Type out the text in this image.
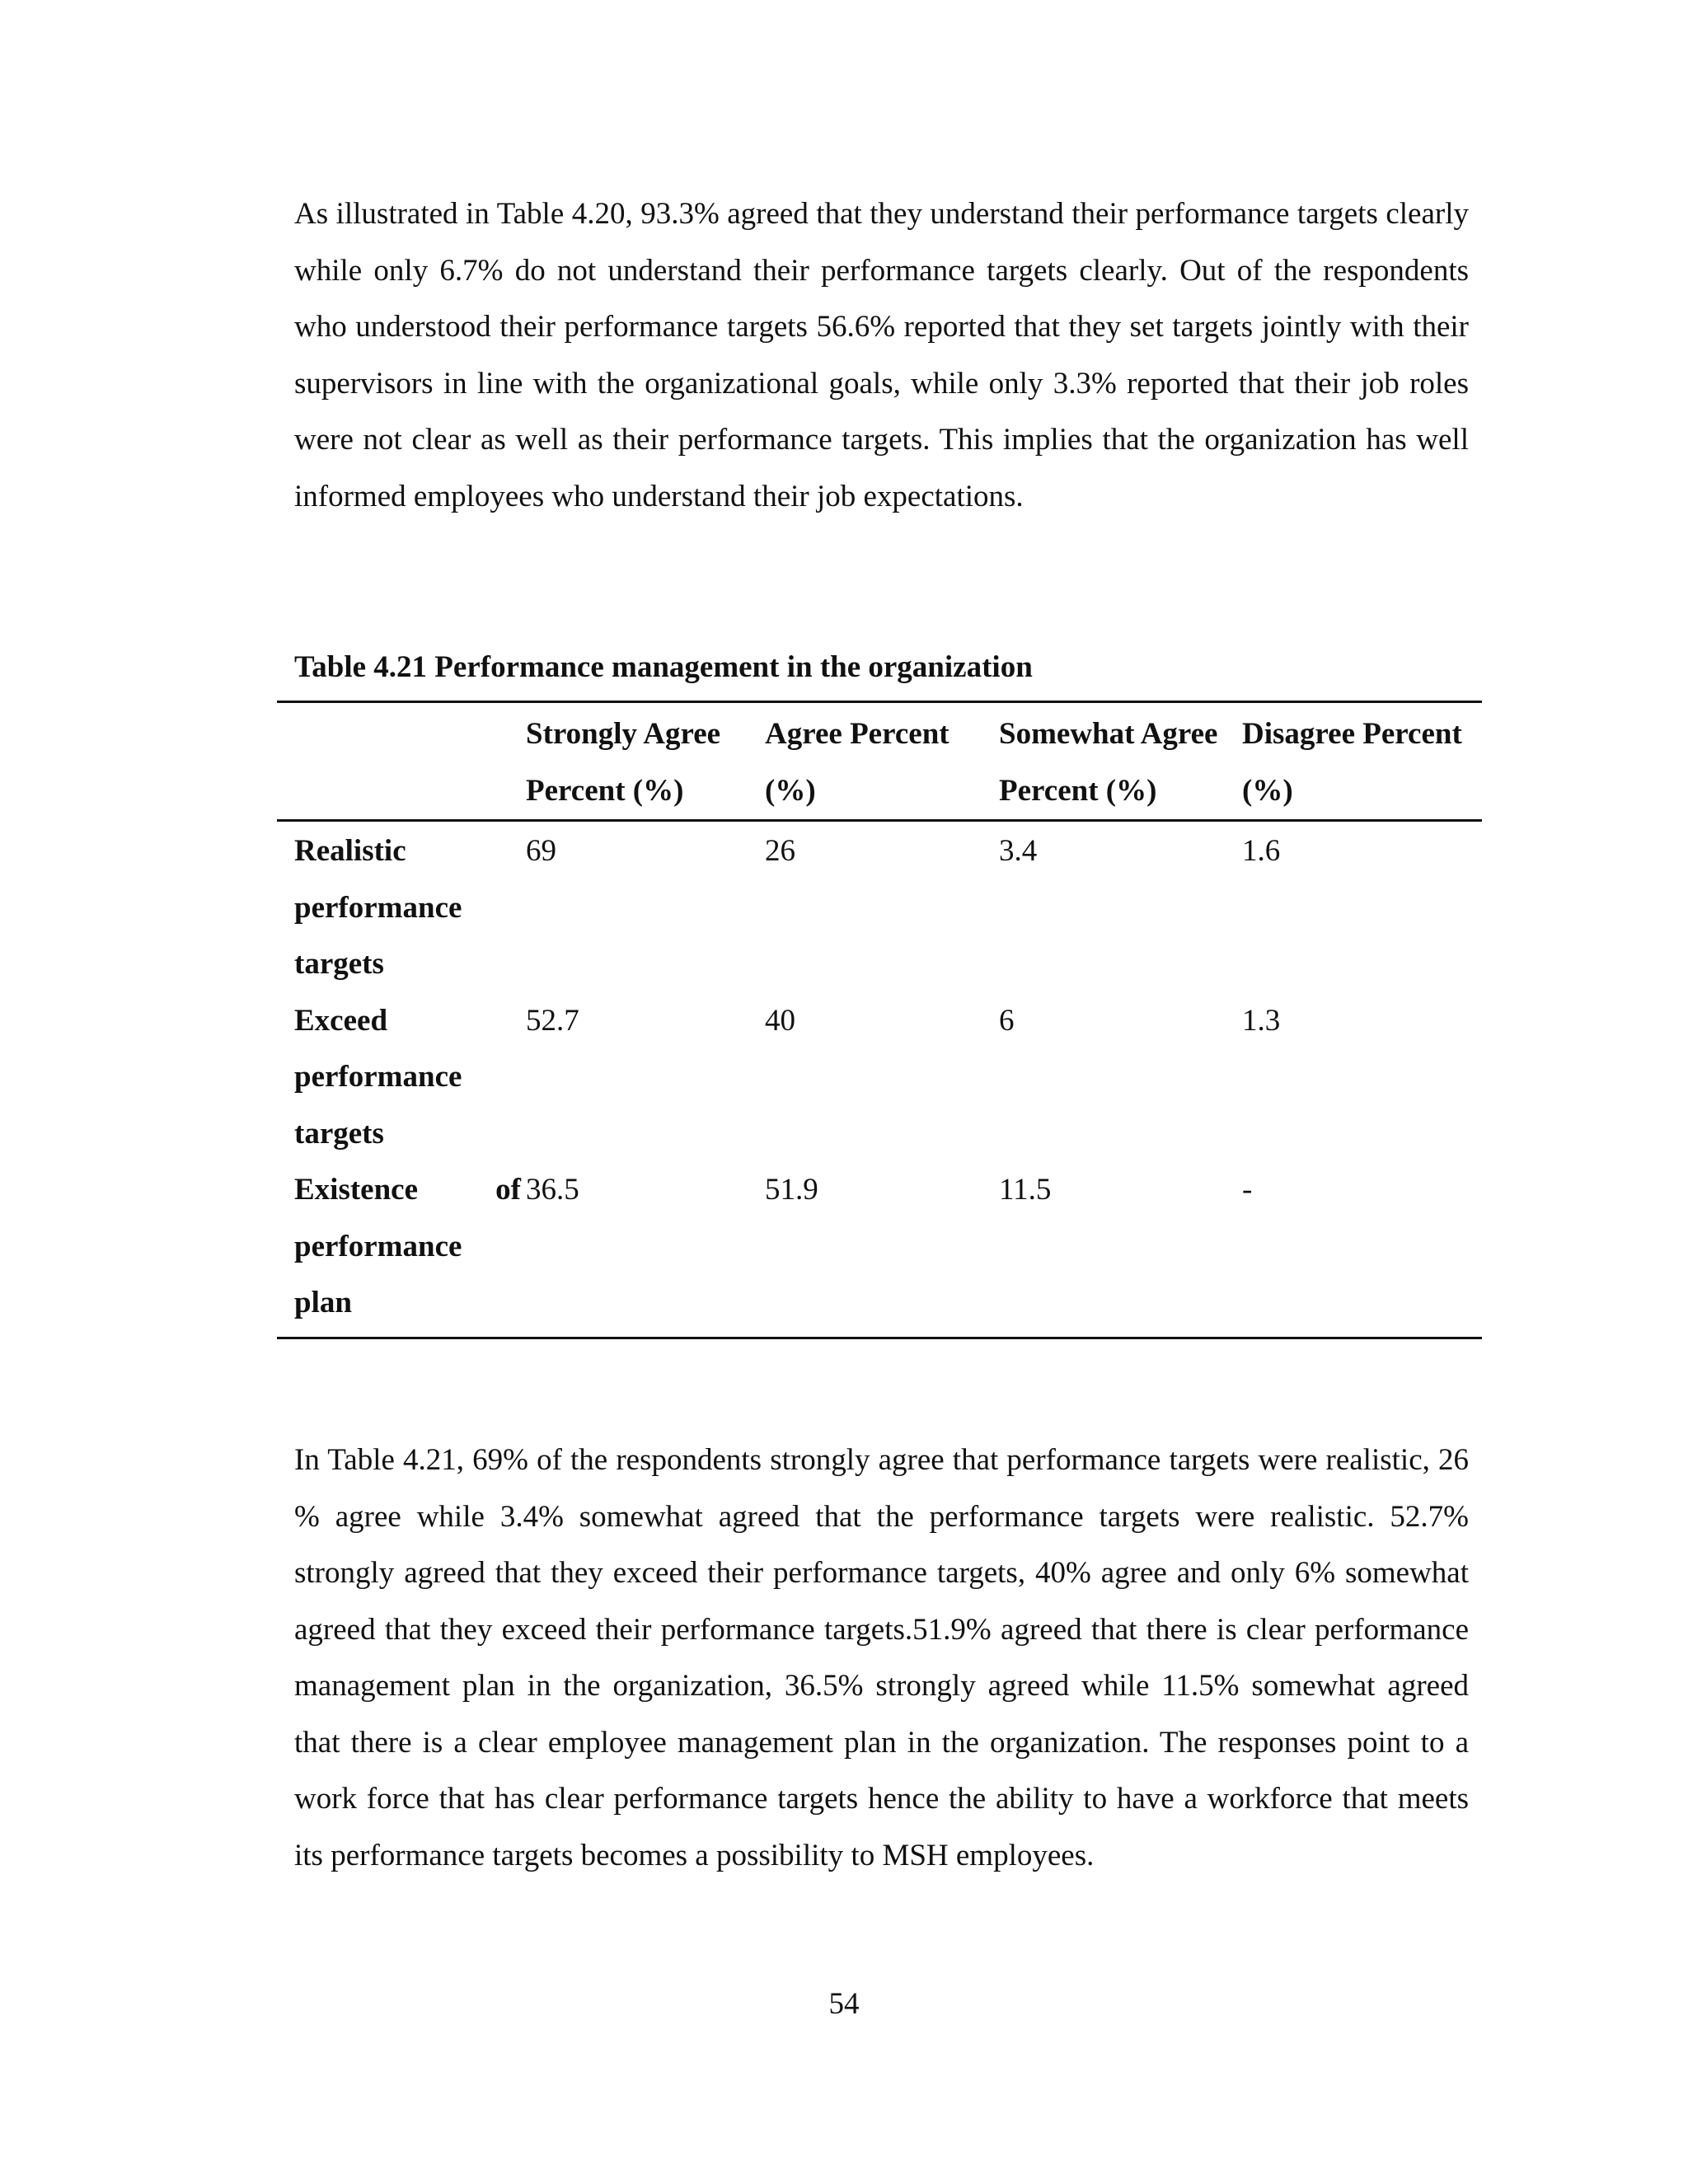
As illustrated in Table 4.20, 93.3% agreed that they understand their performance targets clearly while only 6.7% do not understand their performance targets clearly. Out of the respondents who understood their performance targets 56.6% reported that they set targets jointly with their supervisors in line with the organizational goals, while only 3.3% reported that their job roles were not clear as well as their performance targets. This implies that the organization has well informed employees who understand their job expectations.

Table 4.21 Performance management in the organization

	Strongly Agree Percent (%)	Agree Percent (%)	Somewhat Agree Percent (%)	Disagree Percent (%)
Realistic performance targets	69	26	3.4	1.6
Exceed performance targets	52.7	40	6	1.3
Existence of performance plan	36.5	51.9	11.5	-

In Table 4.21, 69% of the respondents strongly agree that performance targets were realistic, 26 % agree while 3.4% somewhat agreed that the performance targets were realistic. 52.7% strongly agreed that they exceed their performance targets, 40% agree and only 6% somewhat agreed that they exceed their performance targets.51.9% agreed that there is clear performance management plan in the organization, 36.5% strongly agreed while 11.5% somewhat agreed that there is a clear employee management plan in the organization. The responses point to a work force that has clear performance targets hence the ability to have a workforce that meets its performance targets becomes a possibility to MSH employees.

54
